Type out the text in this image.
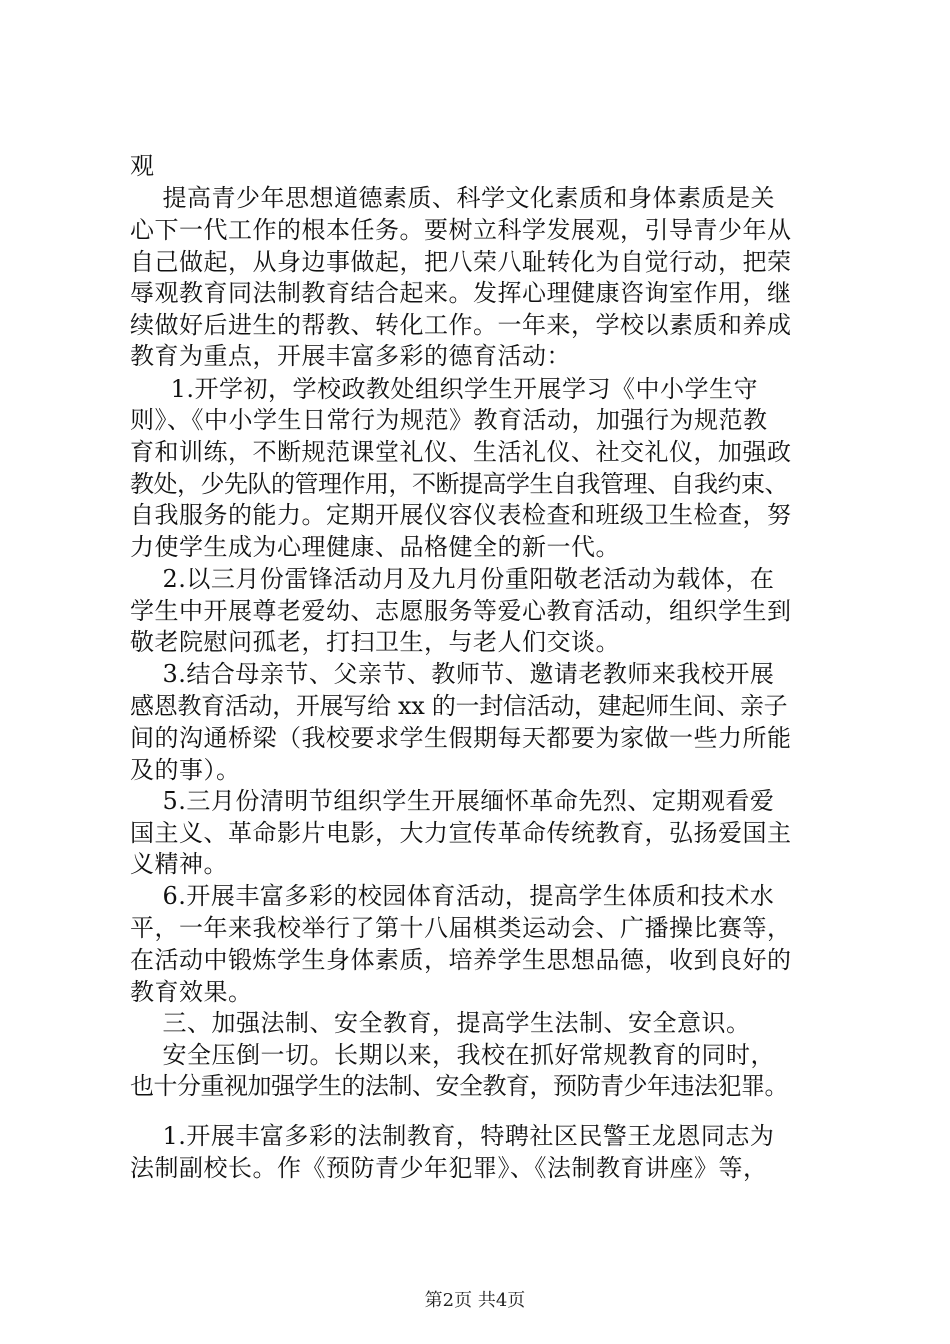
观
提高青少年思想道德素质、科学文化素质和身体素质是关
心下一代工作的根本任务。要树立科学发展观，引导青少年从
自己做起，从身边事做起，把八荣八耻转化为自觉行动，把荣
辱观教育同法制教育结合起来。发挥心理健康咨询室作用，继
续做好后进生的帮教、转化工作。一年来，学校以素质和养成
教育为重点，开展丰富多彩的德育活动：
1.开学初，学校政教处组织学生开展学习《中小学生守
则》、《中小学生日常行为规范》教育活动，加强行为规范教
育和训练，不断规范课堂礼仪、生活礼仪、社交礼仪，加强政
教处，少先队的管理作用，不断提高学生自我管理、自我约束、
自我服务的能力。定期开展仪容仪表检查和班级卫生检查，努
力使学生成为心理健康、品格健全的新一代。
2.以三月份雷锋活动月及九月份重阳敬老活动为载体，在
学生中开展尊老爱幼、志愿服务等爱心教育活动，组织学生到
敬老院慰问孤老，打扫卫生，与老人们交谈。
3.结合母亲节、父亲节、教师节、邀请老教师来我校开展
感恩教育活动，开展写给 xx 的一封信活动，建起师生间、亲子
间的沟通桥梁（我校要求学生假期每天都要为家做一些力所能
及的事）。
5.三月份清明节组织学生开展缅怀革命先烈、定期观看爱
国主义、革命影片电影，大力宣传革命传统教育，弘扬爱国主
义精神。
6.开展丰富多彩的校园体育活动，提高学生体质和技术水
平，一年来我校举行了第十八届棋类运动会、广播操比赛等，
在活动中锻炼学生身体素质，培养学生思想品德，收到良好的
教育效果。
三、加强法制、安全教育，提高学生法制、安全意识。
安全压倒一切。长期以来，我校在抓好常规教育的同时，
也十分重视加强学生的法制、安全教育，预防青少年违法犯罪。
1.开展丰富多彩的法制教育，特聘社区民警王龙恩同志为
法制副校长。作《预防青少年犯罪》、《法制教育讲座》等，
第2页 共4页
